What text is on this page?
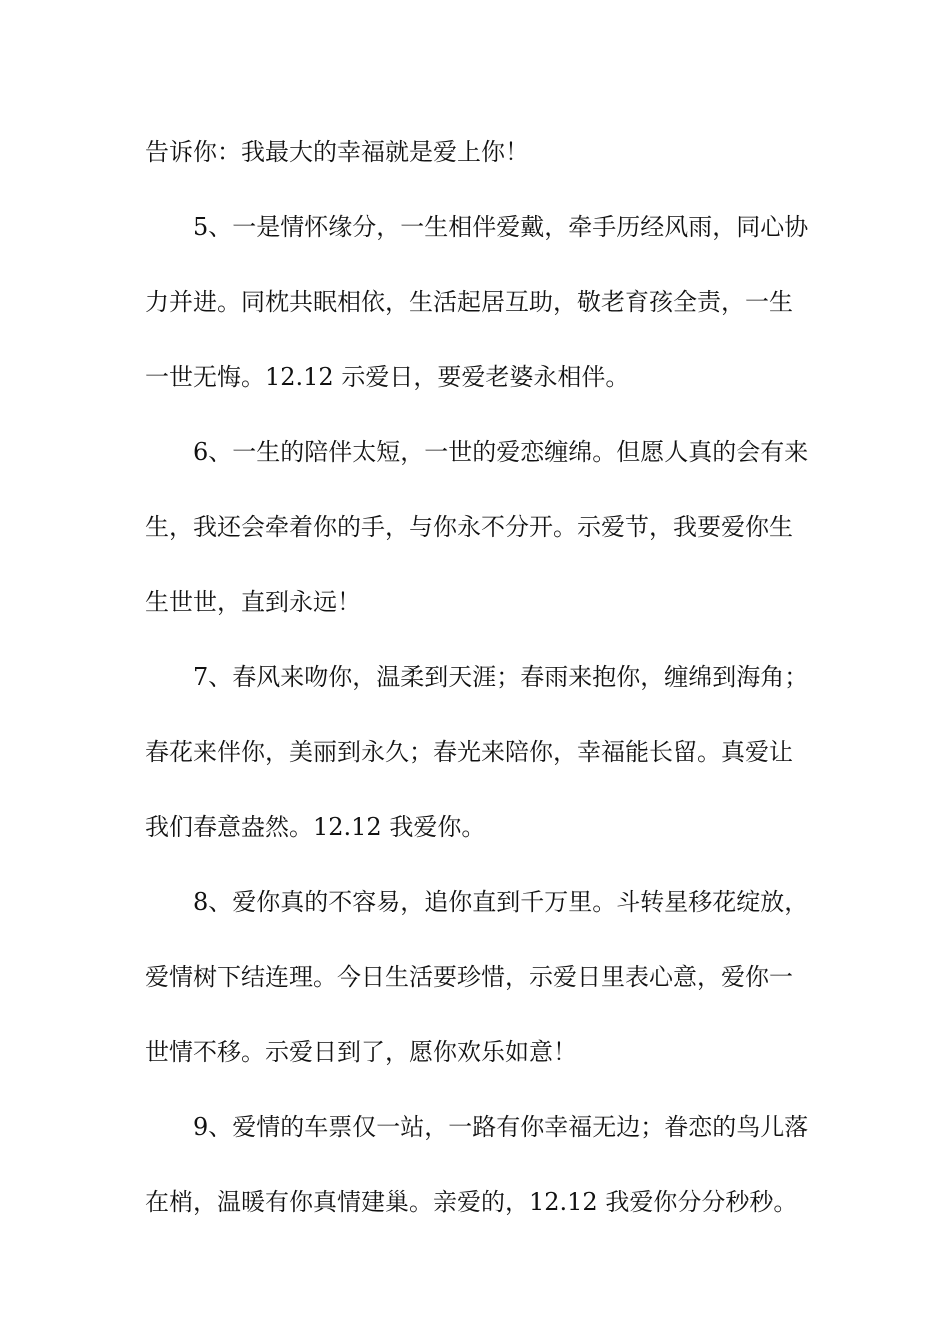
告诉你：我最大的幸福就是爱上你！
5、一是情怀缘分，一生相伴爱戴，牵手历经风雨，同心协
力并进。同枕共眠相依，生活起居互助，敬老育孩全责，一生
一世无悔。12.12 示爱日，要爱老婆永相伴。
6、一生的陪伴太短，一世的爱恋缠绵。但愿人真的会有来
生，我还会牵着你的手，与你永不分开。示爱节，我要爱你生
生世世，直到永远！
7、春风来吻你，温柔到天涯；春雨来抱你，缠绵到海角；
春花来伴你，美丽到永久；春光来陪你，幸福能长留。真爱让
我们春意盎然。12.12 我爱你。
8、爱你真的不容易，追你直到千万里。斗转星移花绽放，
爱情树下结连理。今日生活要珍惜，示爱日里表心意，爱你一
世情不移。示爱日到了，愿你欢乐如意！
9、爱情的车票仅一站，一路有你幸福无边；眷恋的鸟儿落
在梢，温暖有你真情建巢。亲爱的，12.12 我爱你分分秒秒。
